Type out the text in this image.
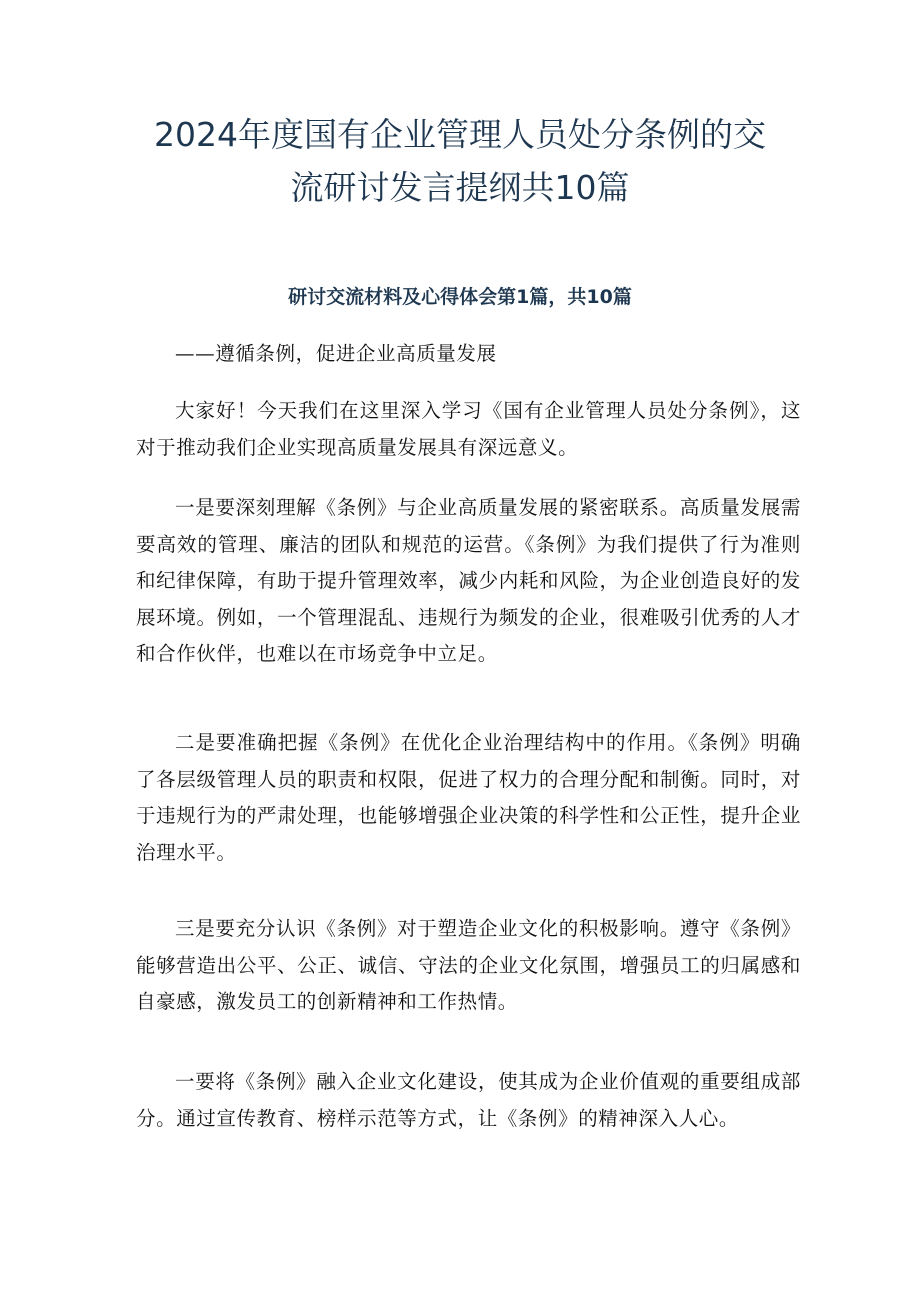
2024年度国有企业管理人员处分条例的交
流研讨发言提纲共10篇
研讨交流材料及心得体会第1篇，共10篇

——遵循条例，促进企业高质量发展

大家好！今天我们在这里深入学习《国有企业管理人员处分条例》，这对于推动我们企业实现高质量发展具有深远意义。

一是要深刻理解《条例》与企业高质量发展的紧密联系。高质量发展需要高效的管理、廉洁的团队和规范的运营。《条例》为我们提供了行为准则和纪律保障，有助于提升管理效率，减少内耗和风险，为企业创造良好的发展环境。例如，一个管理混乱、违规行为频发的企业，很难吸引优秀的人才和合作伙伴，也难以在市场竞争中立足。

二是要准确把握《条例》在优化企业治理结构中的作用。《条例》明确了各层级管理人员的职责和权限，促进了权力的合理分配和制衡。同时，对于违规行为的严肃处理，也能够增强企业决策的科学性和公正性，提升企业治理水平。

三是要充分认识《条例》对于塑造企业文化的积极影响。遵守《条例》能够营造出公平、公正、诚信、守法的企业文化氛围，增强员工的归属感和自豪感，激发员工的创新精神和工作热情。

一要将《条例》融入企业文化建设，使其成为企业价值观的重要组成部分。通过宣传教育、榜样示范等方式，让《条例》的精神深入人心。
